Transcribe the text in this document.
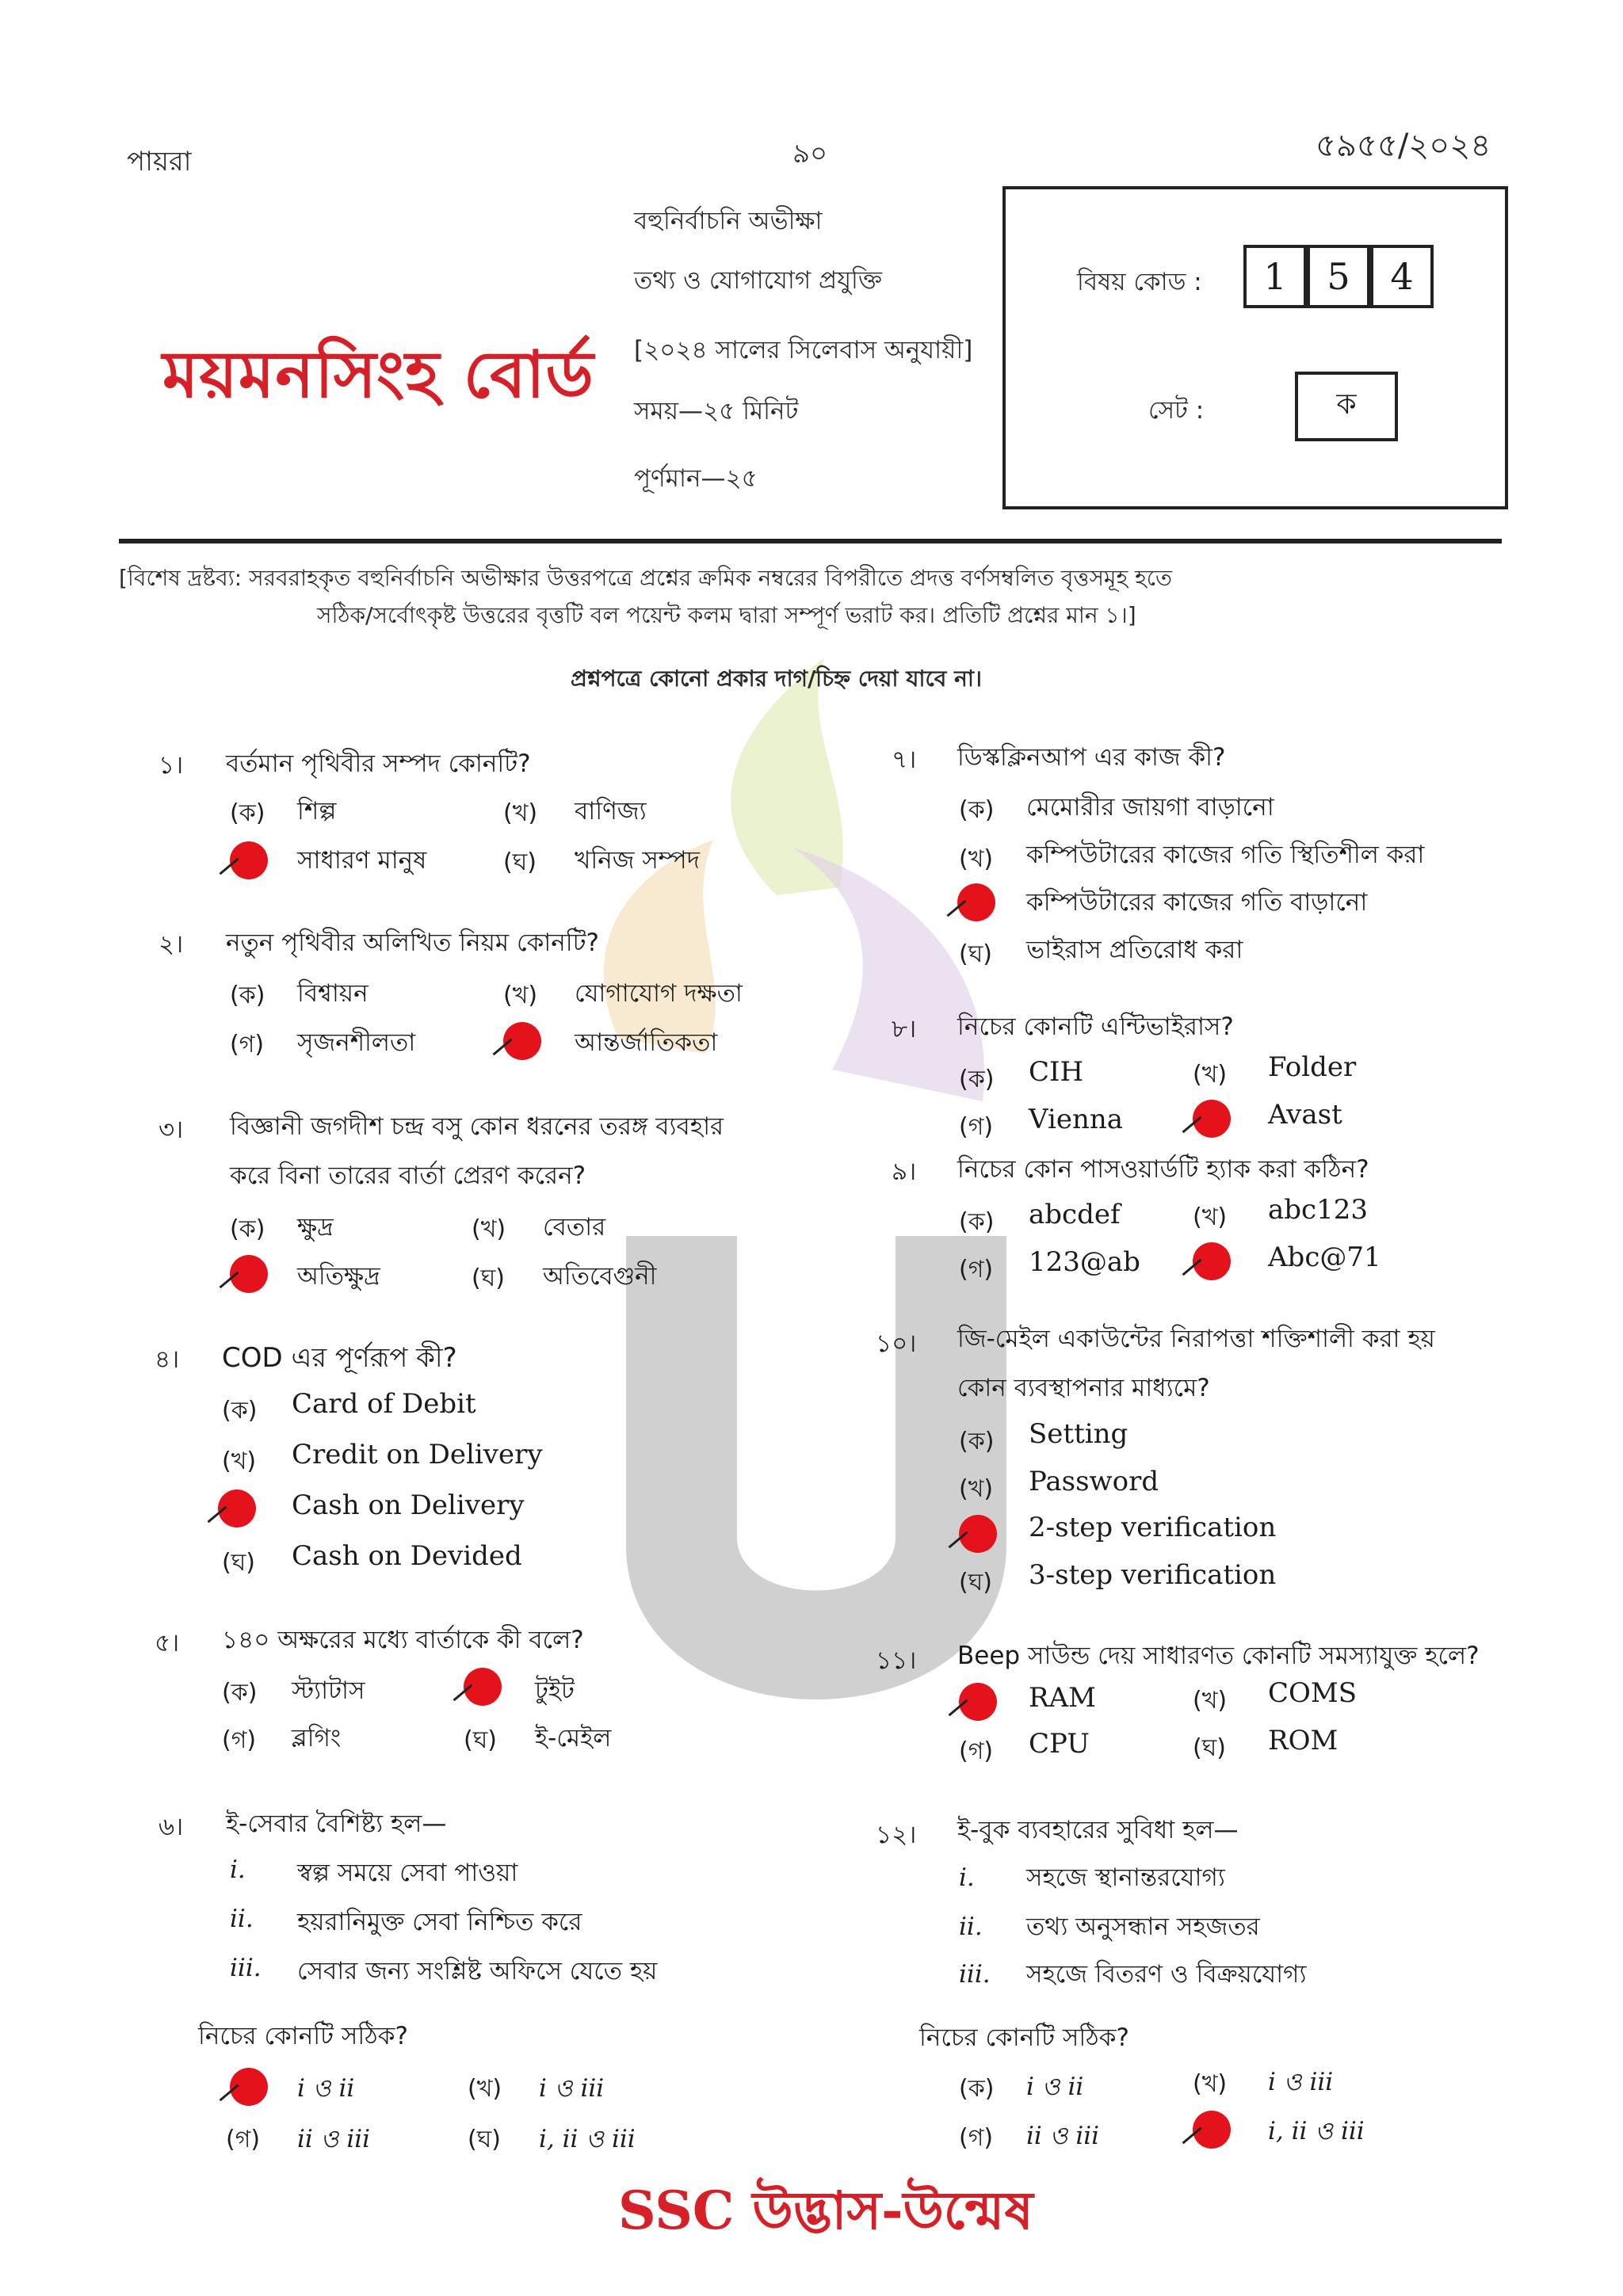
পায়রা	৯০	৫৯৫৫/২০২৪
ময়মনসিংহ বোর্ড
বহুনির্বাচনি অভীক্ষা
তথ্য ও যোগাযোগ প্রযুক্তি
[২০২৪ সালের সিলেবাস অনুযায়ী]
সময়—২৫ মিনিট
পূর্ণমান—২৫
বিষয় কোড :	1	5	4
সেট :	ক
[বিশেষ দ্রষ্টব্য: সরবরাহকৃত বহুনির্বাচনি অভীক্ষার উত্তরপত্রে প্রশ্নের ক্রমিক নম্বরের বিপরীতে প্রদত্ত বর্ণসম্বলিত বৃত্তসমূহ হতে
সঠিক/সর্বোৎকৃষ্ট উত্তরের বৃত্তটি বল পয়েন্ট কলম দ্বারা সম্পূর্ণ ভরাট কর। প্রতিটি প্রশ্নের মান ১।]
প্রশ্নপত্রে কোনো প্রকার দাগ/চিহ্ন দেয়া যাবে না।
১। বর্তমান পৃথিবীর সম্পদ কোনটি?
(ক) শিল্প	(খ) বাণিজ্য
সাধারণ মানুষ	(ঘ) খনিজ সম্পদ
২। নতুন পৃথিবীর অলিখিত নিয়ম কোনটি?
(ক) বিশ্বায়ন	(খ) যোগাযোগ দক্ষতা
(গ) সৃজনশীলতা	আন্তর্জাতিকতা
৩। বিজ্ঞানী জগদীশ চন্দ্র বসু কোন ধরনের তরঙ্গ ব্যবহার
করে বিনা তারের বার্তা প্রেরণ করেন?
(ক) ক্ষুদ্র	(খ) বেতার
অতিক্ষুদ্র	(ঘ) অতিবেগুনী
৪। COD এর পূর্ণরূপ কী?
(ক) Card of Debit
(খ) Credit on Delivery
Cash on Delivery
(ঘ) Cash on Devided
৫। ১৪০ অক্ষরের মধ্যে বার্তাকে কী বলে?
(ক) স্ট্যাটাস	টুইট
(গ) ব্লগিং	(ঘ) ই-মেইল
৬। ই-সেবার বৈশিষ্ট্য হল—
i. স্বল্প সময়ে সেবা পাওয়া
ii. হয়রানিমুক্ত সেবা নিশ্চিত করে
iii. সেবার জন্য সংশ্লিষ্ট অফিসে যেতে হয়
নিচের কোনটি সঠিক?
i ও ii	(খ) i ও iii
(গ) ii ও iii	(ঘ) i, ii ও iii
৭। ডিস্কক্লিনআপ এর কাজ কী?
(ক) মেমোরীর জায়গা বাড়ানো
(খ) কম্পিউটারের কাজের গতি স্থিতিশীল করা
কম্পিউটারের কাজের গতি বাড়ানো
(ঘ) ভাইরাস প্রতিরোধ করা
৮। নিচের কোনটি এন্টিভাইরাস?
(ক) CIH	(খ) Folder
(গ) Vienna	Avast
৯। নিচের কোন পাসওয়ার্ডটি হ্যাক করা কঠিন?
(ক) abcdef	(খ) abc123
(গ) 123@ab	Abc@71
১০। জি-মেইল একাউন্টের নিরাপত্তা শক্তিশালী করা হয়
কোন ব্যবস্থাপনার মাধ্যমে?
(ক) Setting
(খ) Password
2-step verification
(ঘ) 3-step verification
১১। Beep সাউন্ড দেয় সাধারণত কোনটি সমস্যাযুক্ত হলে?
RAM	(খ) COMS
(গ) CPU	(ঘ) ROM
১২। ই-বুক ব্যবহারের সুবিধা হল—
i. সহজে স্থানান্তরযোগ্য
ii. তথ্য অনুসন্ধান সহজতর
iii. সহজে বিতরণ ও বিক্রয়যোগ্য
নিচের কোনটি সঠিক?
(ক) i ও ii	(খ) i ও iii
(গ) ii ও iii	i, ii ও iii
SSC উদ্ভাস-উন্মেষ
